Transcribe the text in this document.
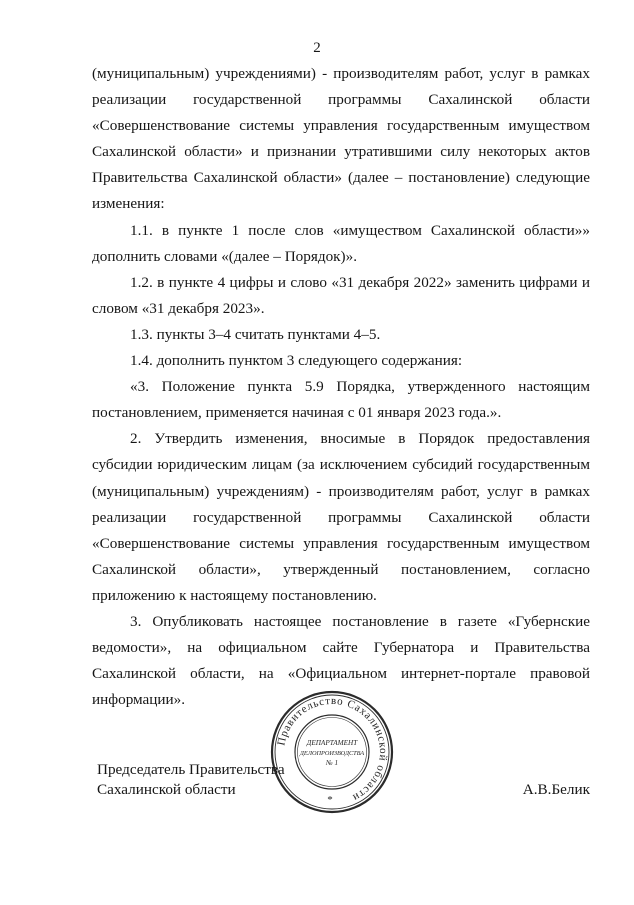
2

(муниципальным) учреждениями) - производителям работ, услуг в рамках реализации государственной программы Сахалинской области «Совершенствование системы управления государственным имуществом Сахалинской области» и признании утратившими силу некоторых актов Правительства Сахалинской области» (далее – постановление) следующие изменения:

1.1. в пункте 1 после слов «имуществом Сахалинской области»» дополнить словами «(далее – Порядок)».

1.2. в пункте 4 цифры и слово «31 декабря 2022» заменить цифрами и словом «31 декабря 2023».

1.3. пункты 3–4 считать пунктами 4–5.

1.4. дополнить пунктом 3 следующего содержания:

«3. Положение пункта 5.9 Порядка, утвержденного настоящим постановлением, применяется начиная с 01 января 2023 года.».

2. Утвердить изменения, вносимые в Порядок предоставления субсидии юридическим лицам (за исключением субсидий государственным (муниципальным) учреждениям) - производителям работ, услуг в рамках реализации государственной программы Сахалинской области «Совершенствование системы управления государственным имуществом Сахалинской области», утвержденный постановлением, согласно приложению к настоящему постановлению.

3. Опубликовать настоящее постановление в газете «Губернские ведомости», на официальном сайте Губернатора и Правительства Сахалинской области, на «Официальном интернет-портале правовой информации».

Правительство Сахалинской области
ДЕПАРТАМЕНТ
ДЕЛОПРОИЗВОДСТВА
№ 1
*
Председатель Правительства
Сахалинской области	А.В.Белик
